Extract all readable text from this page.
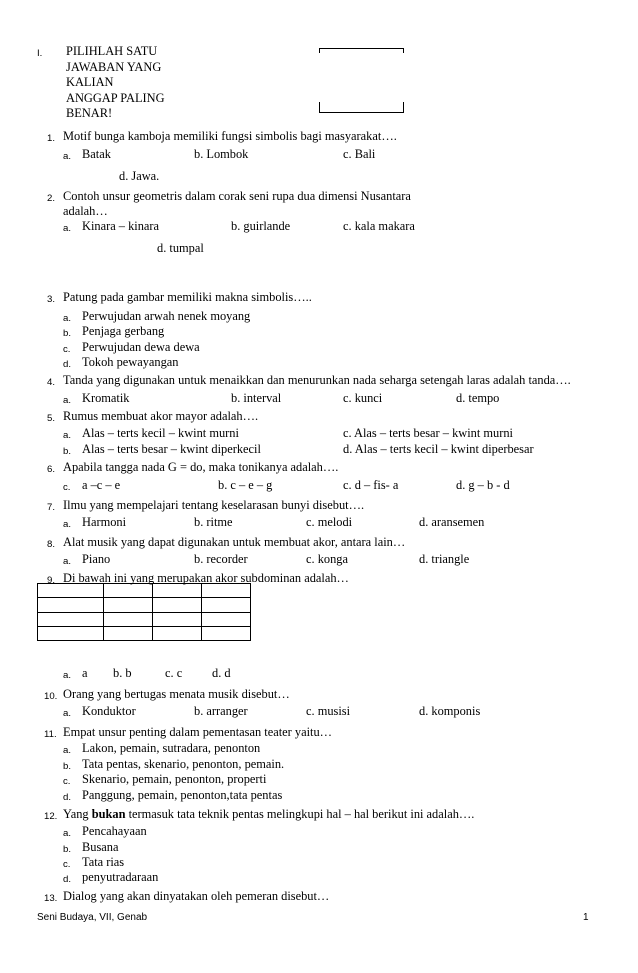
I. PILIHLAH SATU
JAWABAN YANG
KALIAN
ANGGAP PALING
BENAR!
1. Motif bunga kamboja memiliki fungsi simbolis bagi masyarakat….
a. Batak	b. Lombok	c. Bali
d. Jawa.
2. Contoh unsur geometris dalam corak seni rupa dua dimensi Nusantara
adalah…
a. Kinara – kinara	b. guirlande	c. kala makara
d. tumpal
3. Patung pada gambar memiliki makna simbolis…..
a. Perwujudan arwah nenek moyang
b. Penjaga gerbang
c. Perwujudan dewa dewa
d. Tokoh pewayangan
4. Tanda yang digunakan untuk menaikkan dan menurunkan nada seharga setengah laras adalah tanda….
a. Kromatik	b. interval	c. kunci	d. tempo
5. Rumus membuat akor mayor adalah….
a. Alas – terts kecil – kwint murni	c. Alas – terts besar – kwint murni
b. Alas – terts besar – kwint diperkecil	d. Alas – terts kecil – kwint diperbesar
6. Apabila tangga nada G = do, maka tonikanya adalah….
c. a –c – e	b. c – e – g	c. d – fis- a	d. g – b - d
7. Ilmu yang mempelajari tentang keselarasan bunyi disebut….
a. Harmoni	b. ritme	c. melodi	d. aransemen
8. Alat musik yang dapat digunakan untuk membuat akor, antara lain…
a. Piano	b. recorder	c. konga	d. triangle
9. Di bawah ini yang merupakan akor subdominan adalah…

a. a b. b	c. c d. d
10. Orang yang bertugas menata musik disebut…
a. Konduktor	b. arranger	c. musisi	d. komponis
11. Empat unsur penting dalam pementasan teater yaitu…
a. Lakon, pemain, sutradara, penonton
b. Tata pentas, skenario, penonton, pemain.
c. Skenario, pemain, penonton, properti
d. Panggung, pemain, penonton,tata pentas
12. Yang bukan termasuk tata teknik pentas melingkupi hal – hal berikut ini adalah….
a. Pencahayaan
b. Busana
c. Tata rias
d. penyutradaraan
13. Dialog yang akan dinyatakan oleh pemeran disebut…
Seni Budaya, VII, Genab	1
